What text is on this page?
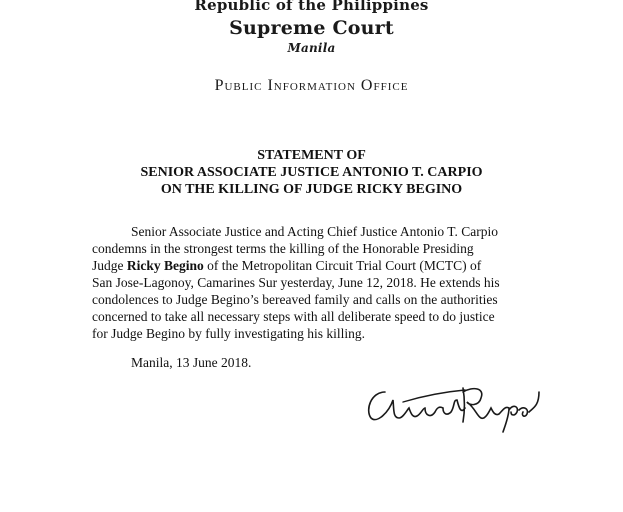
Republic of the Philippines
Supreme Court
Manila
Public Information Office
STATEMENT OF
SENIOR ASSOCIATE JUSTICE ANTONIO T. CARPIO
ON THE KILLING OF JUDGE RICKY BEGINO
Senior Associate Justice and Acting Chief Justice Antonio T. Carpio
condemns in the strongest terms the killing of the Honorable Presiding
Judge Ricky Begino of the Metropolitan Circuit Trial Court (MCTC) of
San Jose-Lagonoy, Camarines Sur yesterday, June 12, 2018. He extends his
condolences to Judge Begino’s bereaved family and calls on the authorities
concerned to take all necessary steps with all deliberate speed to do justice
for Judge Begino by fully investigating his killing.
Manila, 13 June 2018.
